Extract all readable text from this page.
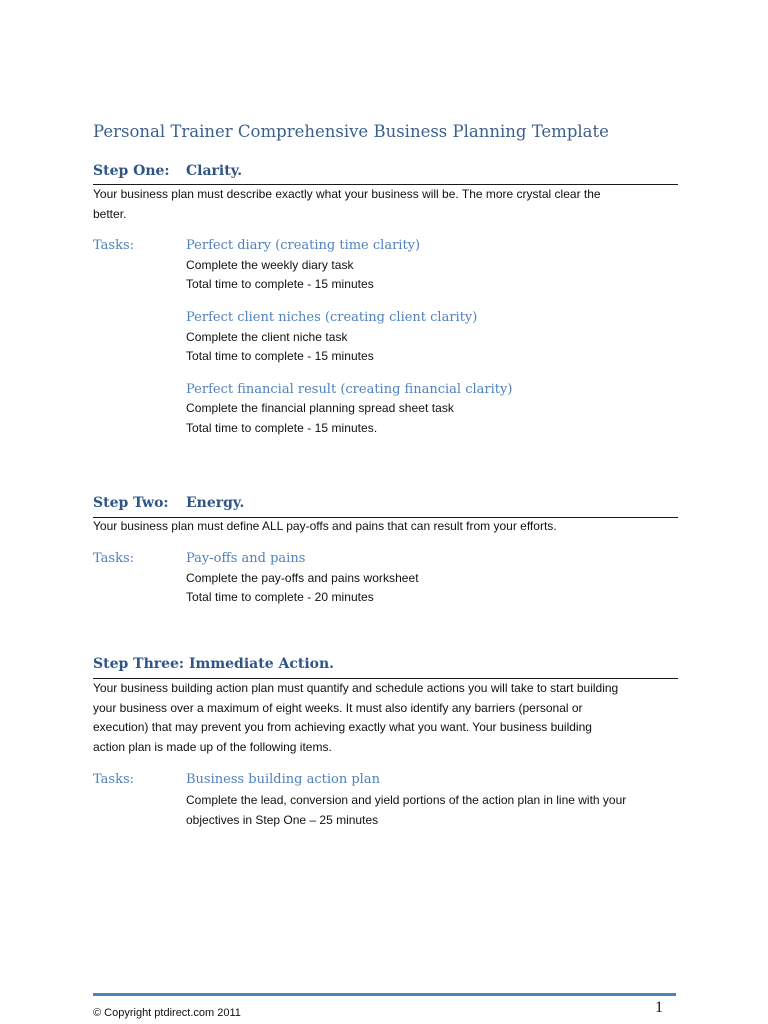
Personal Trainer Comprehensive Business Planning Template
Step One: Clarity.
Your business plan must describe exactly what your business will be. The more crystal clear the
better.
Tasks:	Perfect diary (creating time clarity)
Complete the weekly diary task
Total time to complete - 15 minutes
Perfect client niches (creating client clarity)
Complete the client niche task
Total time to complete - 15 minutes
Perfect financial result (creating financial clarity)
Complete the financial planning spread sheet task
Total time to complete - 15 minutes.
Step Two: Energy.
Your business plan must define ALL pay-offs and pains that can result from your efforts.
Tasks:	Pay-offs and pains
Complete the pay-offs and pains worksheet
Total time to complete - 20 minutes
Step Three: Immediate Action.
Your business building action plan must quantify and schedule actions you will take to start building
your business over a maximum of eight weeks. It must also identify any barriers (personal or
execution) that may prevent you from achieving exactly what you want. Your business building
action plan is made up of the following items.
Tasks:	Business building action plan
Complete the lead, conversion and yield portions of the action plan in line with your
objectives in Step One – 25 minutes
© Copyright ptdirect.com 2011	1
